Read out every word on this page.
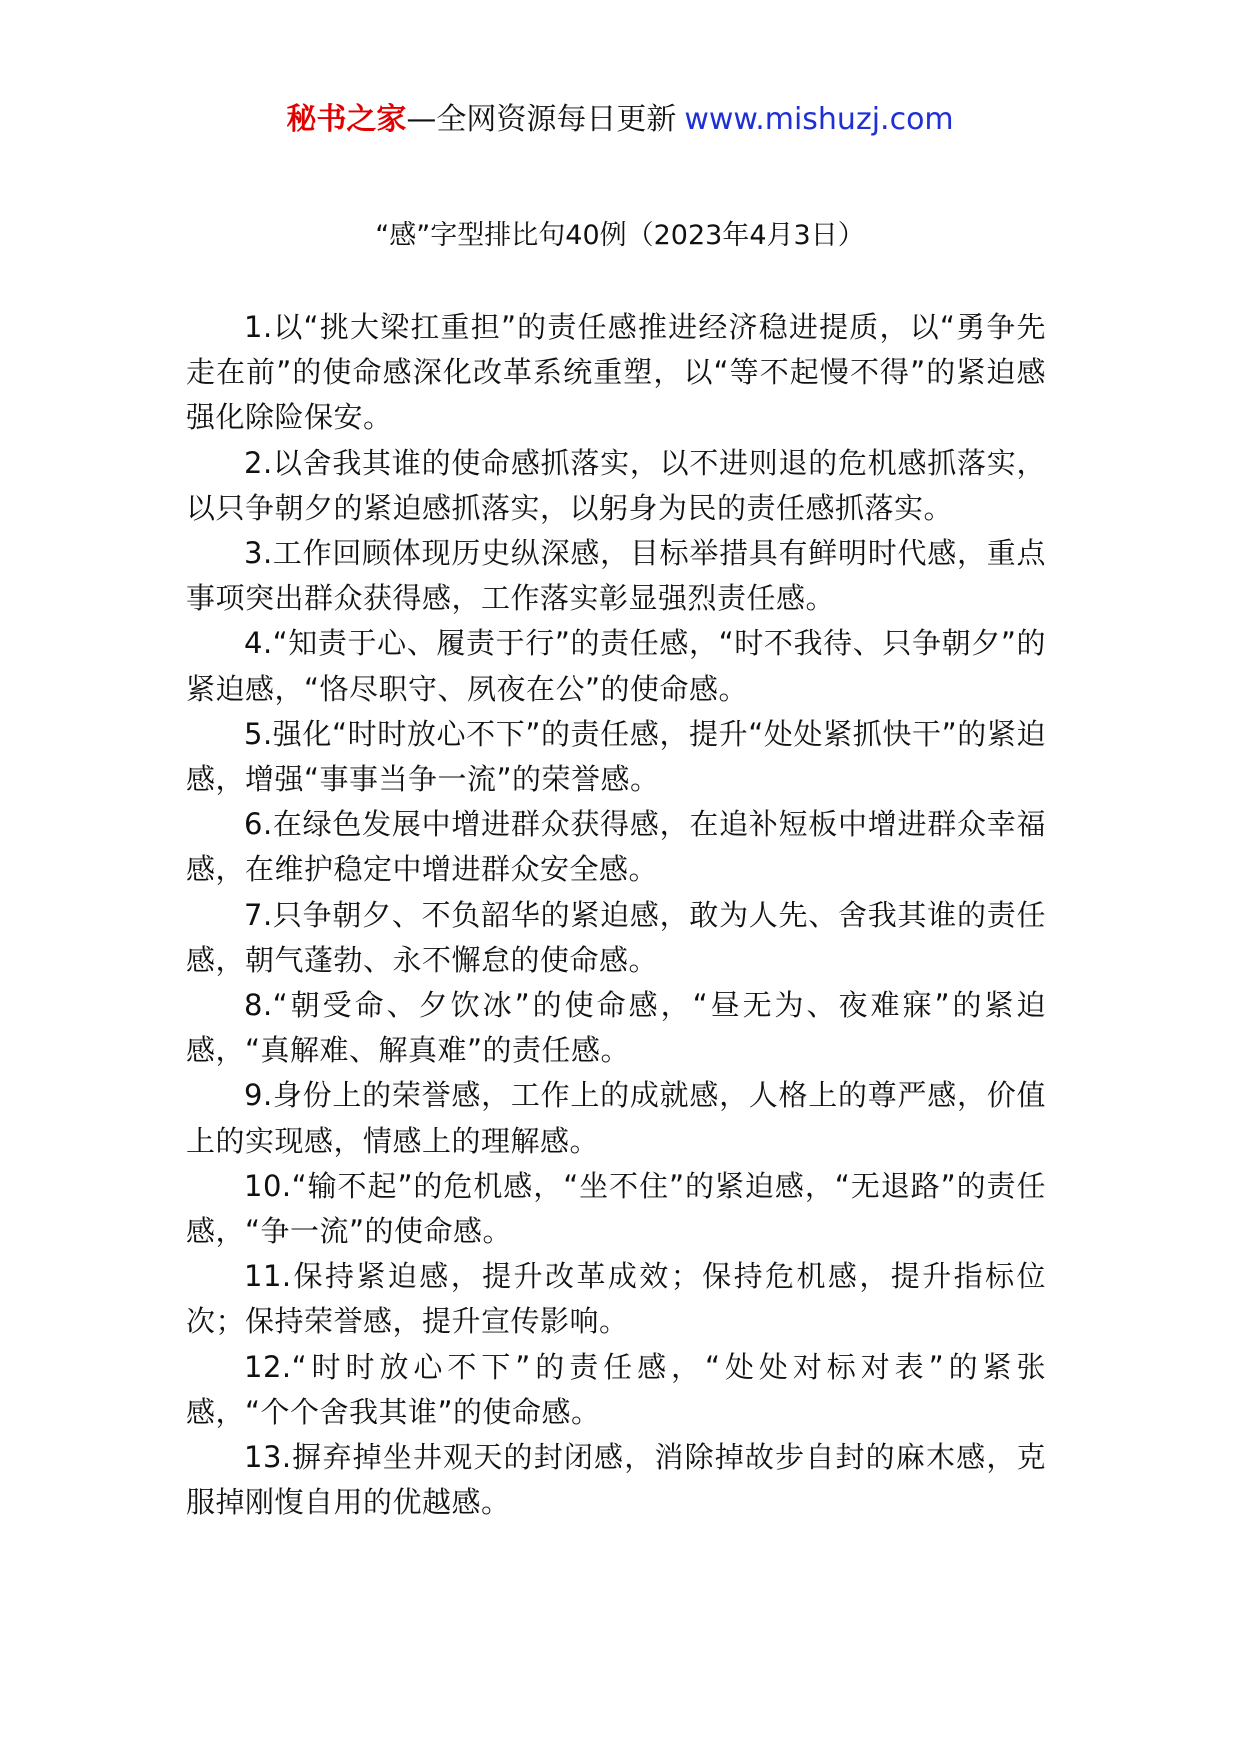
秘书之家—全网资源每日更新 www.mishuzj.com
“感”字型排比句40例（2023年4月3日）

1.以“挑大梁扛重担”的责任感推进经济稳进提质，以“勇争先走在前”的使命感深化改革系统重塑，以“等不起慢不得”的紧迫感强化除险保安。

2.以舍我其谁的使命感抓落实，以不进则退的危机感抓落实，以只争朝夕的紧迫感抓落实，以躬身为民的责任感抓落实。

3.工作回顾体现历史纵深感，目标举措具有鲜明时代感，重点事项突出群众获得感，工作落实彰显强烈责任感。

4.“知责于心、履责于行”的责任感，“时不我待、只争朝夕”的紧迫感，“恪尽职守、夙夜在公”的使命感。

5.强化“时时放心不下”的责任感，提升“处处紧抓快干”的紧迫感，增强“事事当争一流”的荣誉感。

6.在绿色发展中增进群众获得感，在追补短板中增进群众幸福感，在维护稳定中增进群众安全感。

7.只争朝夕、不负韶华的紧迫感，敢为人先、舍我其谁的责任感，朝气蓬勃、永不懈怠的使命感。

8.“朝受命、夕饮冰”的使命感，“昼无为、夜难寐”的紧迫感，“真解难、解真难”的责任感。

9.身份上的荣誉感，工作上的成就感，人格上的尊严感，价值上的实现感，情感上的理解感。

10.“输不起”的危机感，“坐不住”的紧迫感，“无退路”的责任感，“争一流”的使命感。

11.保持紧迫感，提升改革成效；保持危机感，提升指标位次；保持荣誉感，提升宣传影响。

12.“时时放心不下”的责任感，“处处对标对表”的紧张感，“个个舍我其谁”的使命感。

13.摒弃掉坐井观天的封闭感，消除掉故步自封的麻木感，克服掉刚愎自用的优越感。
